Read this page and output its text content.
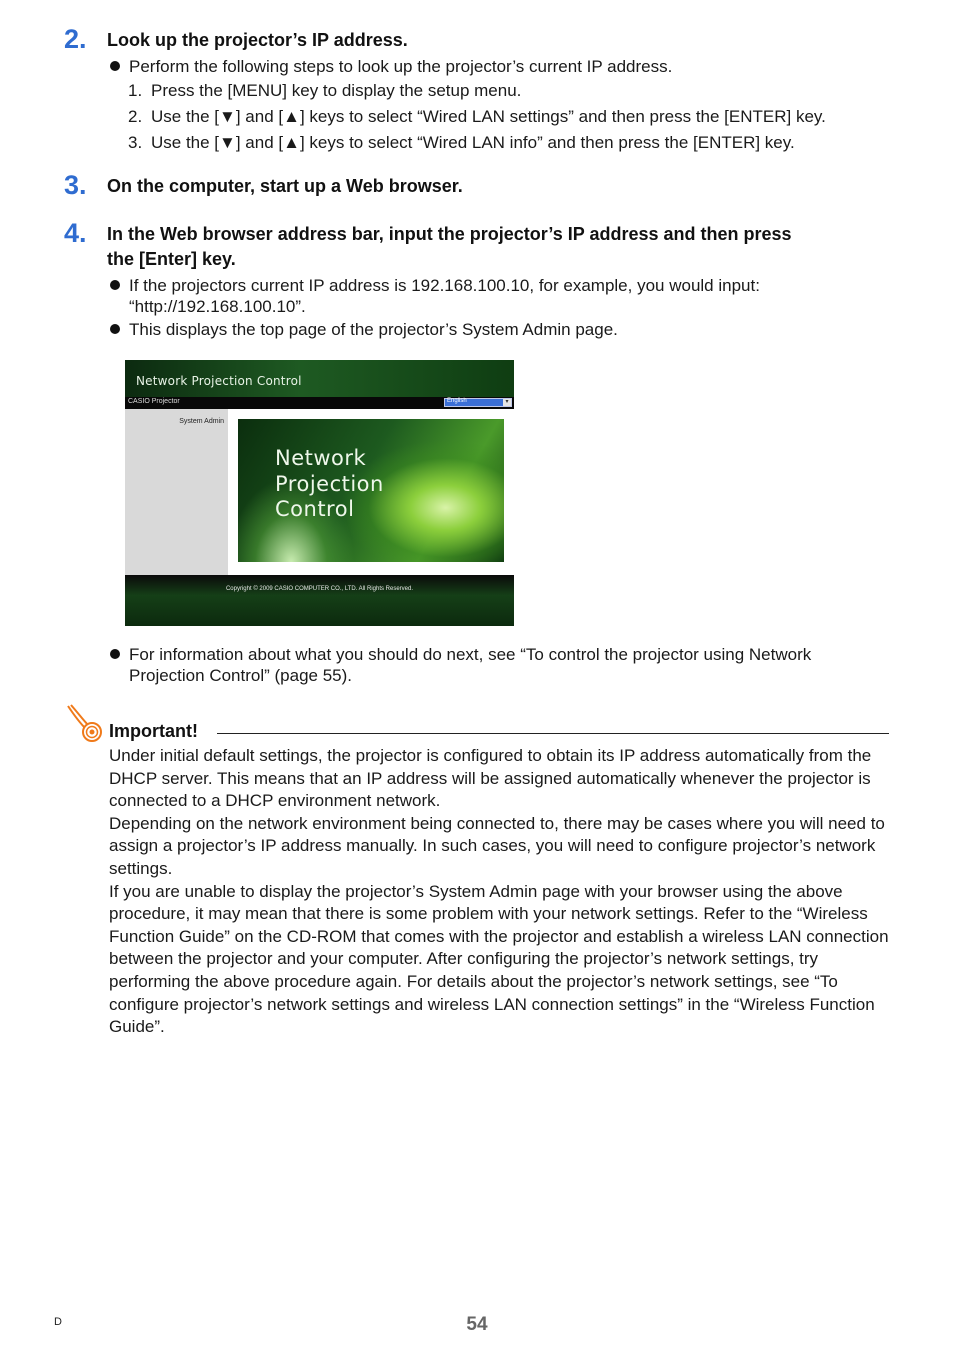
2. Look up the projector’s IP address.
Perform the following steps to look up the projector’s current IP address.
1. Press the [MENU] key to display the setup menu.
2. Use the [▼] and [▲] keys to select “Wired LAN settings” and then press the [ENTER] key.
3. Use the [▼] and [▲] keys to select “Wired LAN info” and then press the [ENTER] key.
3. On the computer, start up a Web browser.
4. In the Web browser address bar, input the projector’s IP address and then press
the [Enter] key.
If the projectors current IP address is 192.168.100.10, for example, you would input:
“http://192.168.100.10”.
This displays the top page of the projector’s System Admin page.
Network Projection Control
CASIO Projector	English	▾
System Admin
Network
Projection
Control
Copyright © 2009 CASIO COMPUTER CO., LTD. All Rights Reserved.
For information about what you should do next, see “To control the projector using Network
Projection Control” (page 55).
Important!

Under initial default settings, the projector is configured to obtain its IP address automatically from the DHCP server. This means that an IP address will be assigned automatically whenever the projector is connected to a DHCP environment network.

Depending on the network environment being connected to, there may be cases where you will need to assign a projector’s IP address manually. In such cases, you will need to configure projector’s network settings.

If you are unable to display the projector’s System Admin page with your browser using the above procedure, it may mean that there is some problem with your network settings. Refer to the “Wireless Function Guide” on the CD-ROM that comes with the projector and establish a wireless LAN connection between the projector and your computer. After configuring the projector’s network settings, try performing the above procedure again. For details about the projector’s network settings, see “To configure projector’s network settings and wireless LAN connection settings” in the “Wireless Function Guide”.

D	54
